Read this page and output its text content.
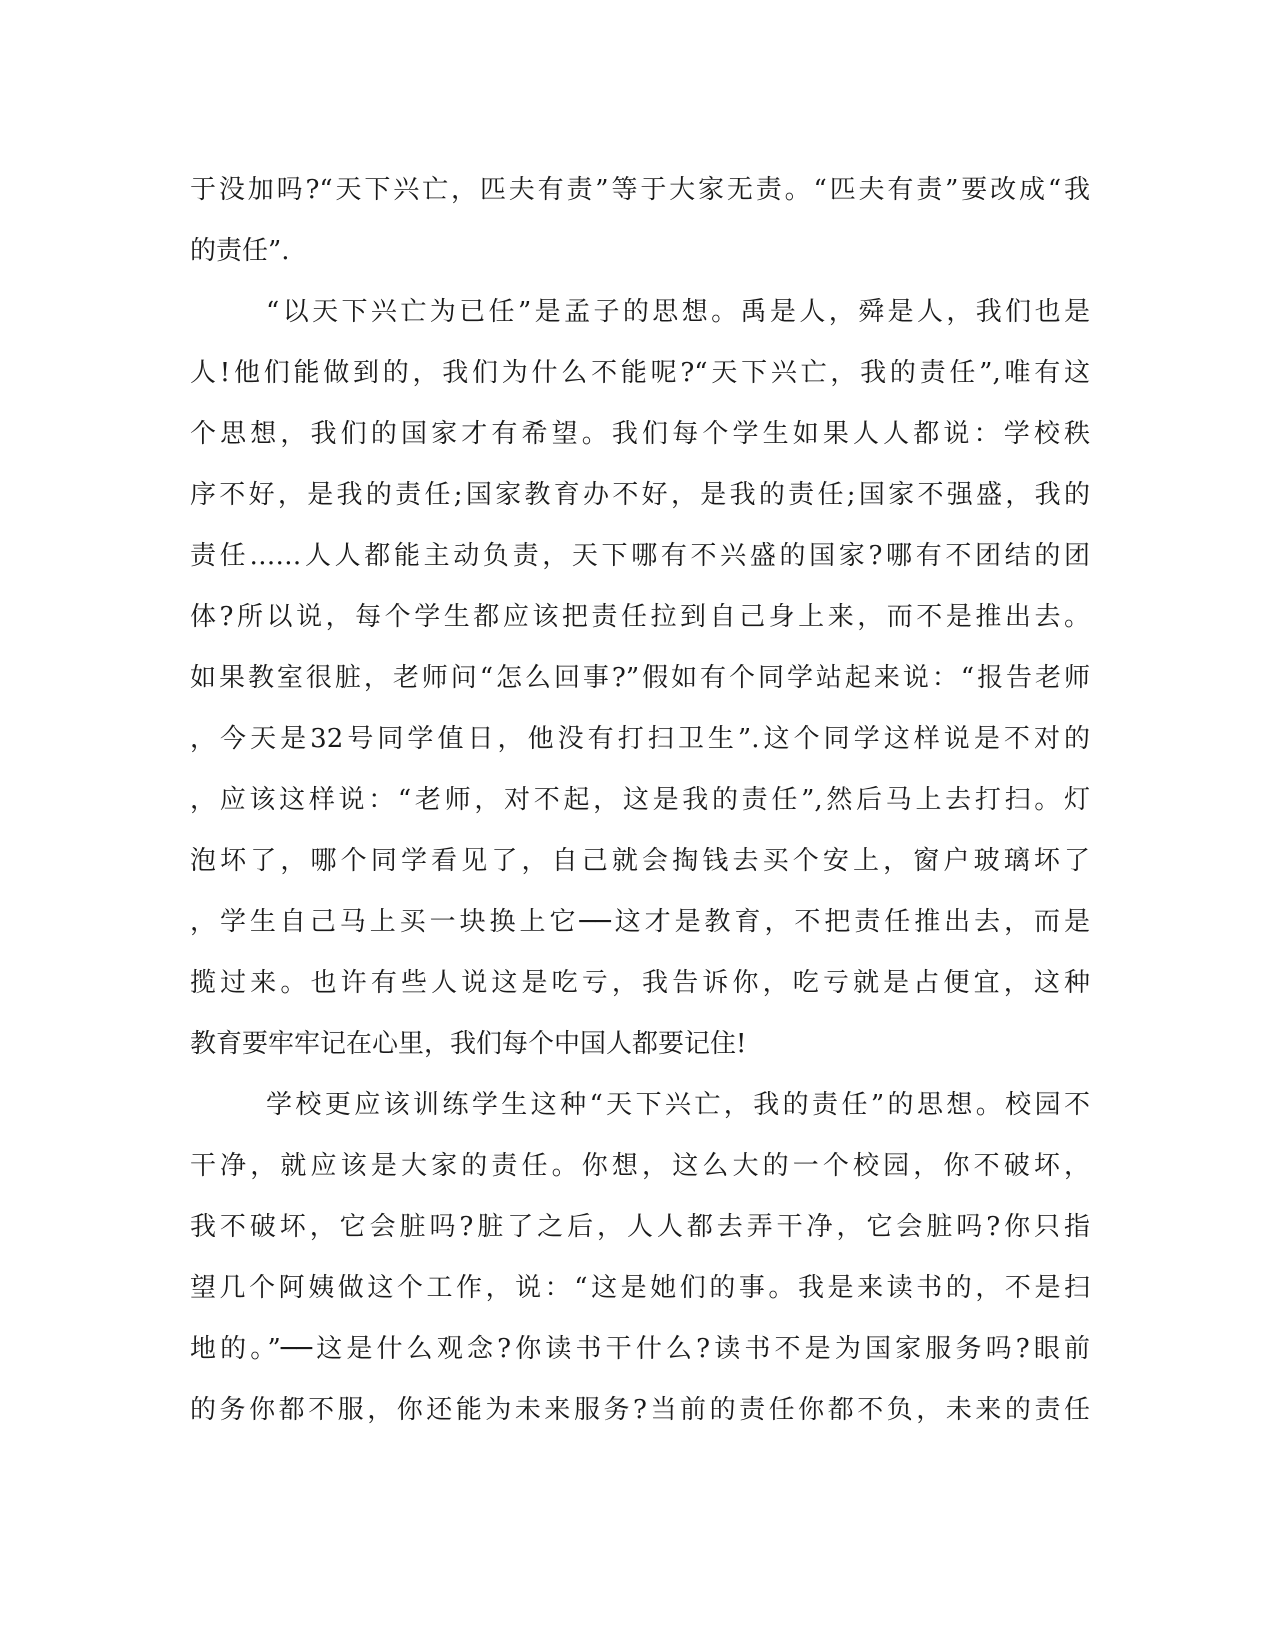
于没加吗?“天下兴亡，匹夫有责”等于大家无责。“匹夫有责”要改成“我
的责任”.
“以天下兴亡为已任”是孟子的思想。禹是人，舜是人，我们也是
人!他们能做到的，我们为什么不能呢?“天下兴亡，我的责任”,唯有这
个思想，我们的国家才有希望。我们每个学生如果人人都说：学校秩
序不好，是我的责任;国家教育办不好，是我的责任;国家不强盛，我的
责任……人人都能主动负责，天下哪有不兴盛的国家?哪有不团结的团
体?所以说，每个学生都应该把责任拉到自己身上来，而不是推出去。
如果教室很脏，老师问“怎么回事?”假如有个同学站起来说：“报告老师
，今天是32号同学值日，他没有打扫卫生”.这个同学这样说是不对的
，应该这样说：“老师，对不起，这是我的责任”,然后马上去打扫。灯
泡坏了，哪个同学看见了，自己就会掏钱去买个安上，窗户玻璃坏了
，学生自己马上买一块换上它──这才是教育，不把责任推出去，而是
揽过来。也许有些人说这是吃亏，我告诉你，吃亏就是占便宜，这种
教育要牢牢记在心里，我们每个中国人都要记住!
学校更应该训练学生这种“天下兴亡，我的责任”的思想。校园不
干净，就应该是大家的责任。你想，这么大的一个校园，你不破坏，
我不破坏，它会脏吗?脏了之后，人人都去弄干净，它会脏吗?你只指
望几个阿姨做这个工作，说：“这是她们的事。我是来读书的，不是扫
地的。”──这是什么观念?你读书干什么?读书不是为国家服务吗?眼前
的务你都不服，你还能为未来服务?当前的责任你都不负，未来的责任
